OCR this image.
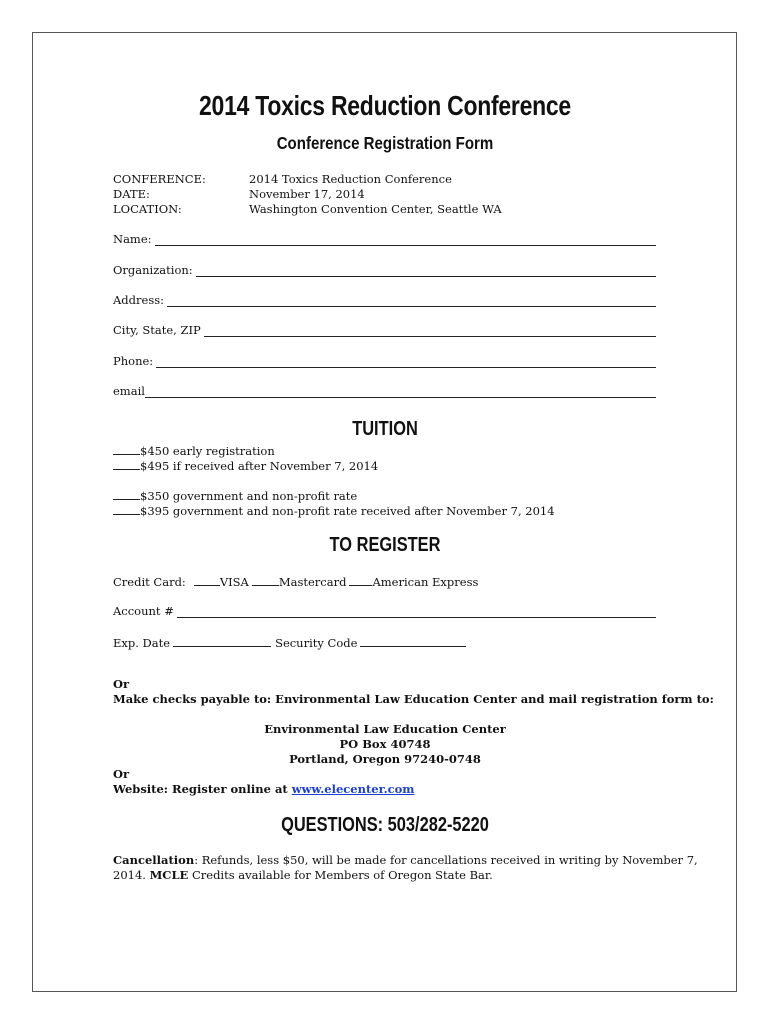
2014 Toxics Reduction Conference
Conference Registration Form
CONFERENCE:	2014 Toxics Reduction Conference
DATE:	November 17, 2014
LOCATION:	Washington Convention Center, Seattle WA
Name:
Organization:
Address:
City, State, ZIP
Phone:
email
TUITION
$450 early registration
$495 if received after November 7, 2014
$350 government and non-profit rate
$395 government and non-profit rate received after November 7, 2014
TO REGISTER
Credit Card:	VISA	Mastercard American Express
Account #
Exp. Date	Security Code
Or
Make checks payable to: Environmental Law Education Center and mail registration form to:
Environmental Law Education Center
PO Box 40748
Portland, Oregon 97240-0748
Or
Website: Register online at www.elecenter.com
QUESTIONS: 503/282-5220
Cancellation: Refunds, less $50, will be made for cancellations received in writing by November 7,
2014. MCLE Credits available for Members of Oregon State Bar.
